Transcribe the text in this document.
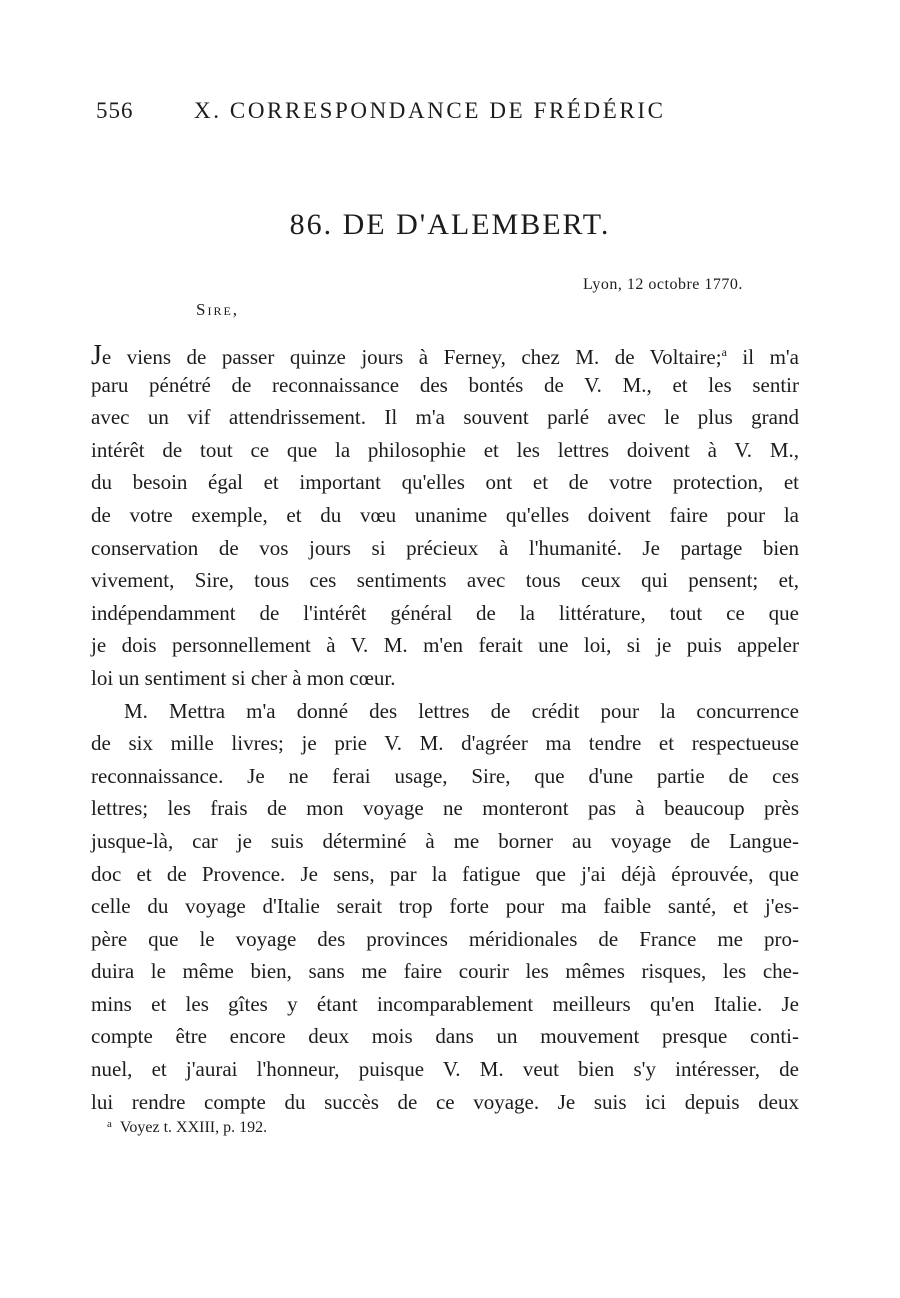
556	X. CORRESPONDANCE DE FRÉDÉRIC
86. DE D'ALEMBERT.
Lyon, 12 octobre 1770.
Sire,
Je viens de passer quinze jours à Ferney, chez M. de Voltaire;$^a$ il m'a
paru pénétré de reconnaissance des bontés de V. M., et les sentir
avec un vif attendrissement. Il m'a souvent parlé avec le plus grand
intérêt de tout ce que la philosophie et les lettres doivent à V. M.,
du besoin égal et important qu'elles ont et de votre protection, et
de votre exemple, et du vœu unanime qu'elles doivent faire pour la
conservation de vos jours si précieux à l'humanité. Je partage bien
vivement, Sire, tous ces sentiments avec tous ceux qui pensent; et,
indépendamment de l'intérêt général de la littérature, tout ce que
je dois personnellement à V. M. m'en ferait une loi, si je puis appeler
loi un sentiment si cher à mon cœur.
M. Mettra m'a donné des lettres de crédit pour la concurrence
de six mille livres; je prie V. M. d'agréer ma tendre et respectueuse
reconnaissance. Je ne ferai usage, Sire, que d'une partie de ces
lettres; les frais de mon voyage ne monteront pas à beaucoup près
jusque-là, car je suis déterminé à me borner au voyage de Langue-
doc et de Provence. Je sens, par la fatigue que j'ai déjà éprouvée, que
celle du voyage d'Italie serait trop forte pour ma faible santé, et j'es-
père que le voyage des provinces méridionales de France me pro-
duira le même bien, sans me faire courir les mêmes risques, les che-
mins et les gîtes y étant incomparablement meilleurs qu'en Italie. Je
compte être encore deux mois dans un mouvement presque conti-
nuel, et j'aurai l'honneur, puisque V. M. veut bien s'y intéresser, de
lui rendre compte du succès de ce voyage. Je suis ici depuis deux
$^a$ Voyez t. XXIII, p. 192.
